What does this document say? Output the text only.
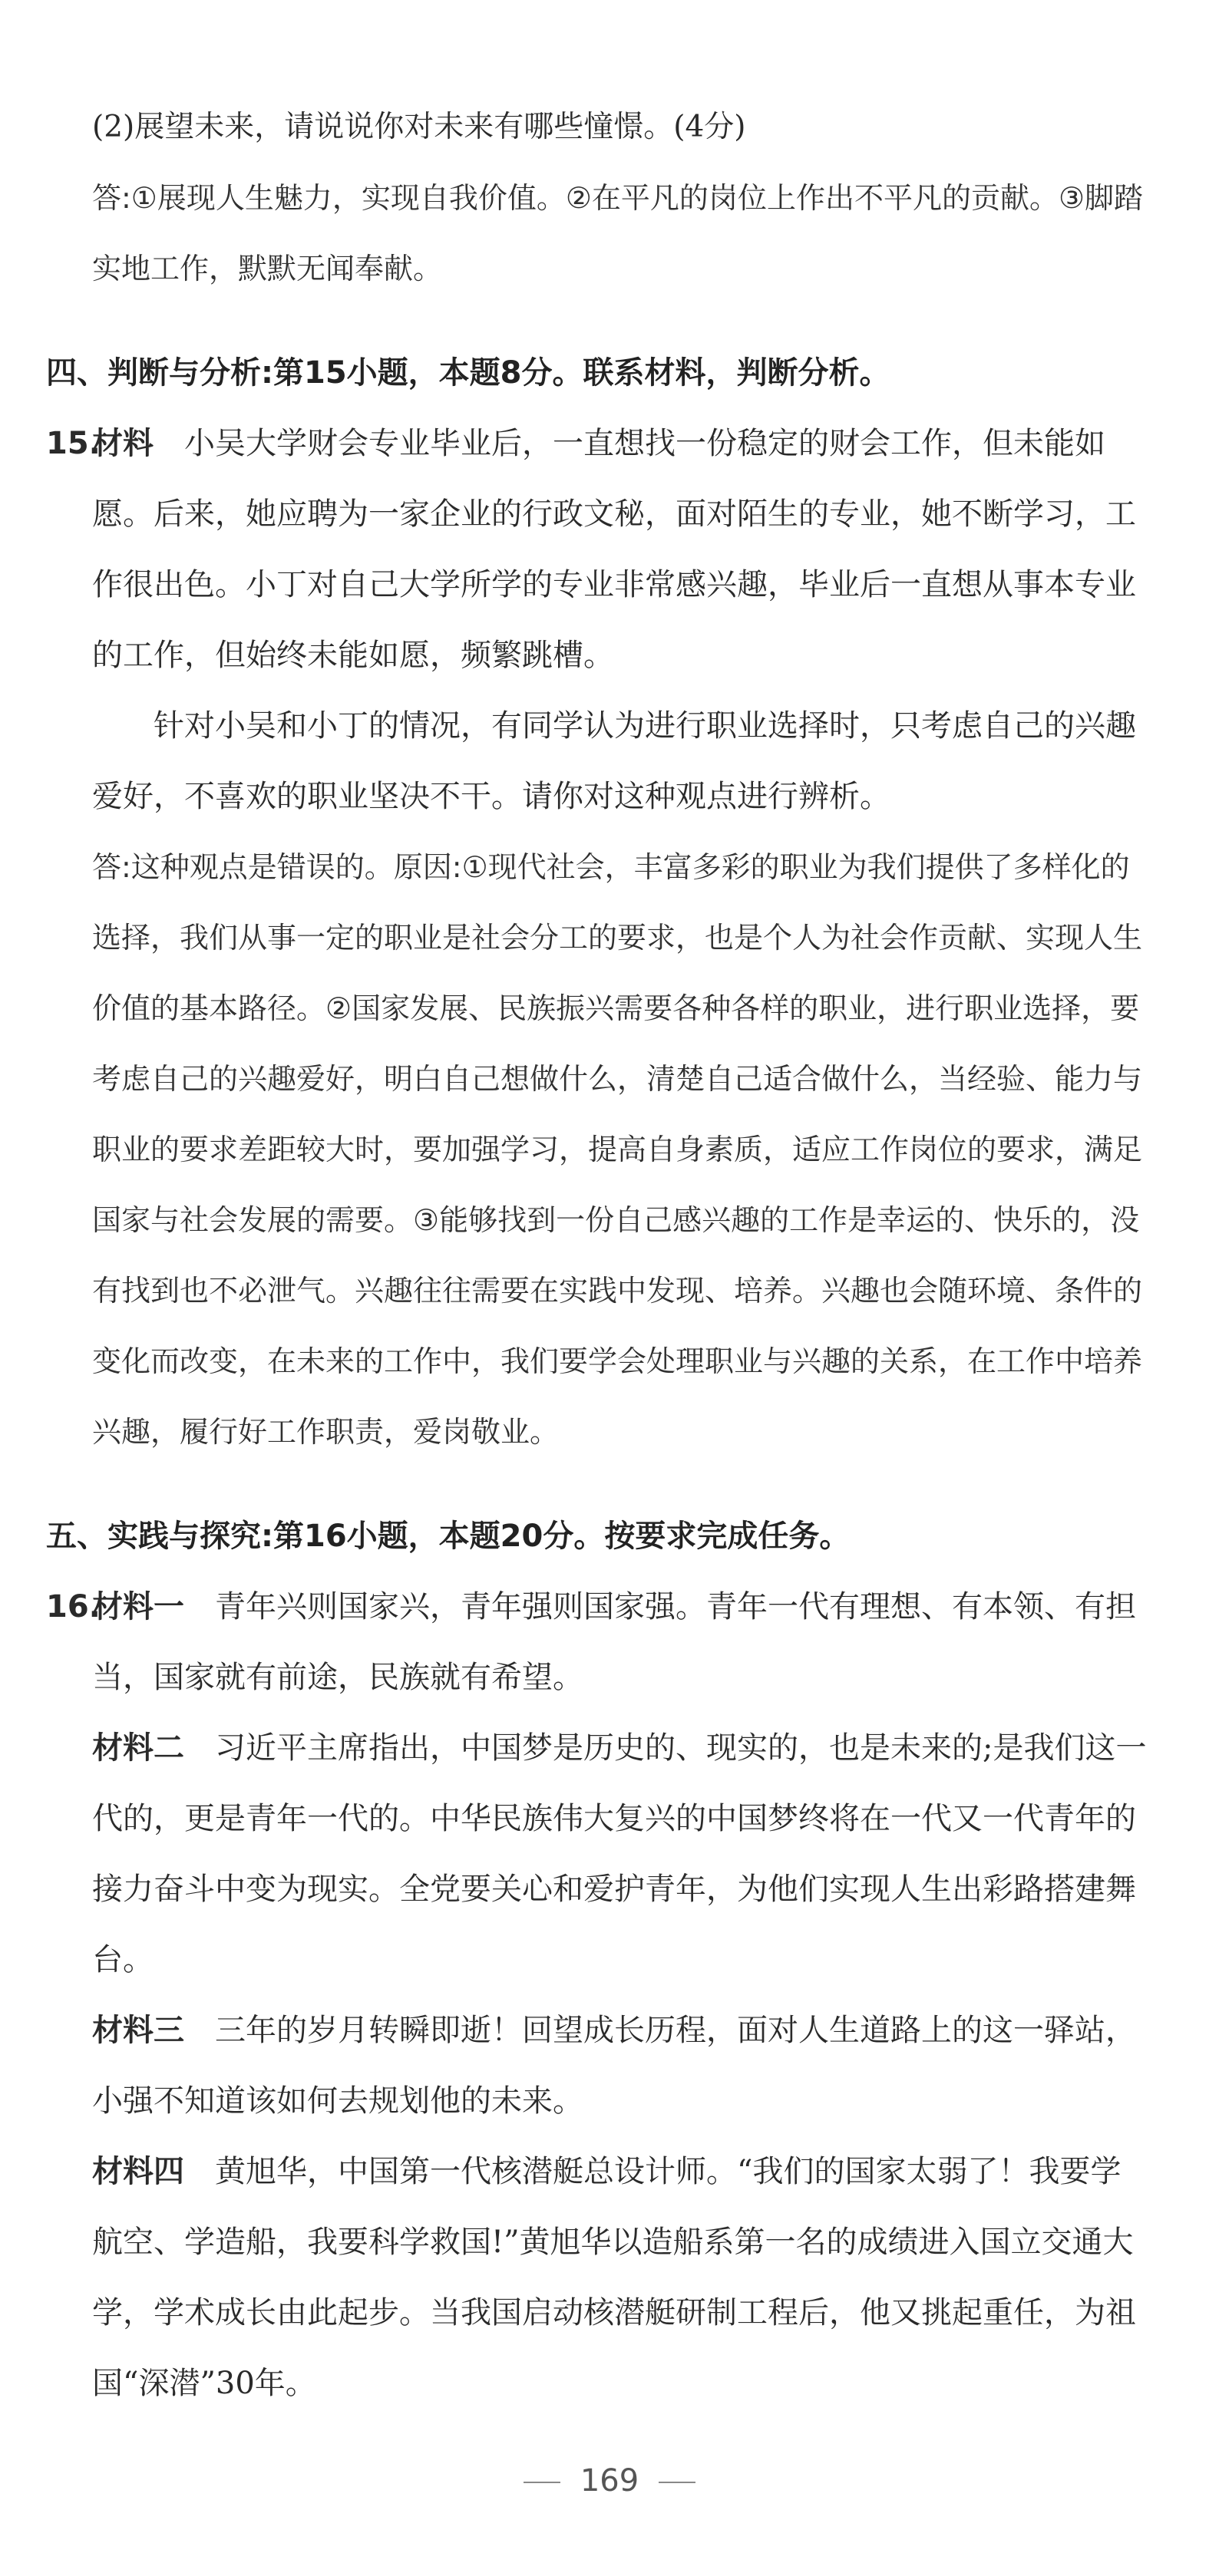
(2)展望未来，请说说你对未来有哪些憧憬。(4分)

答:①展现人生魅力，实现自我价值。②在平凡的岗位上作出不平凡的贡献。③脚踏实地工作，默默无闻奉献。

四、判断与分析:第15小题，本题8分。联系材料，判断分析。

15.
材料 小吴大学财会专业毕业后，一直想找一份稳定的财会工作，但未能如愿。后来，她应聘为一家企业的行政文秘，面对陌生的专业，她不断学习，工作很出色。小丁对自己大学所学的专业非常感兴趣，毕业后一直想从事本专业的工作，但始终未能如愿，频繁跳槽。

针对小吴和小丁的情况，有同学认为进行职业选择时，只考虑自己的兴趣爱好，不喜欢的职业坚决不干。请你对这种观点进行辨析。

答:这种观点是错误的。原因:①现代社会，丰富多彩的职业为我们提供了多样化的选择，我们从事一定的职业是社会分工的要求，也是个人为社会作贡献、实现人生价值的基本路径。②国家发展、民族振兴需要各种各样的职业，进行职业选择，要考虑自己的兴趣爱好，明白自己想做什么，清楚自己适合做什么，当经验、能力与职业的要求差距较大时，要加强学习，提高自身素质，适应工作岗位的要求，满足国家与社会发展的需要。③能够找到一份自己感兴趣的工作是幸运的、快乐的，没有找到也不必泄气。兴趣往往需要在实践中发现、培养。兴趣也会随环境、条件的变化而改变，在未来的工作中，我们要学会处理职业与兴趣的关系，在工作中培养兴趣，履行好工作职责，爱岗敬业。

五、实践与探究:第16小题，本题20分。按要求完成任务。

16.
材料一 青年兴则国家兴，青年强则国家强。青年一代有理想、有本领、有担当，国家就有前途，民族就有希望。

材料二 习近平主席指出，中国梦是历史的、现实的，也是未来的;是我们这一代的，更是青年一代的。中华民族伟大复兴的中国梦终将在一代又一代青年的接力奋斗中变为现实。全党要关心和爱护青年，为他们实现人生出彩路搭建舞台。

材料三 三年的岁月转瞬即逝！回望成长历程，面对人生道路上的这一驿站，小强不知道该如何去规划他的未来。

材料四 黄旭华，中国第一代核潜艇总设计师。“我们的国家太弱了！我要学航空、学造船，我要科学救国!”黄旭华以造船系第一名的成绩进入国立交通大学，学术成长由此起步。当我国启动核潜艇研制工程后，他又挑起重任，为祖国“深潜”30年。

169
